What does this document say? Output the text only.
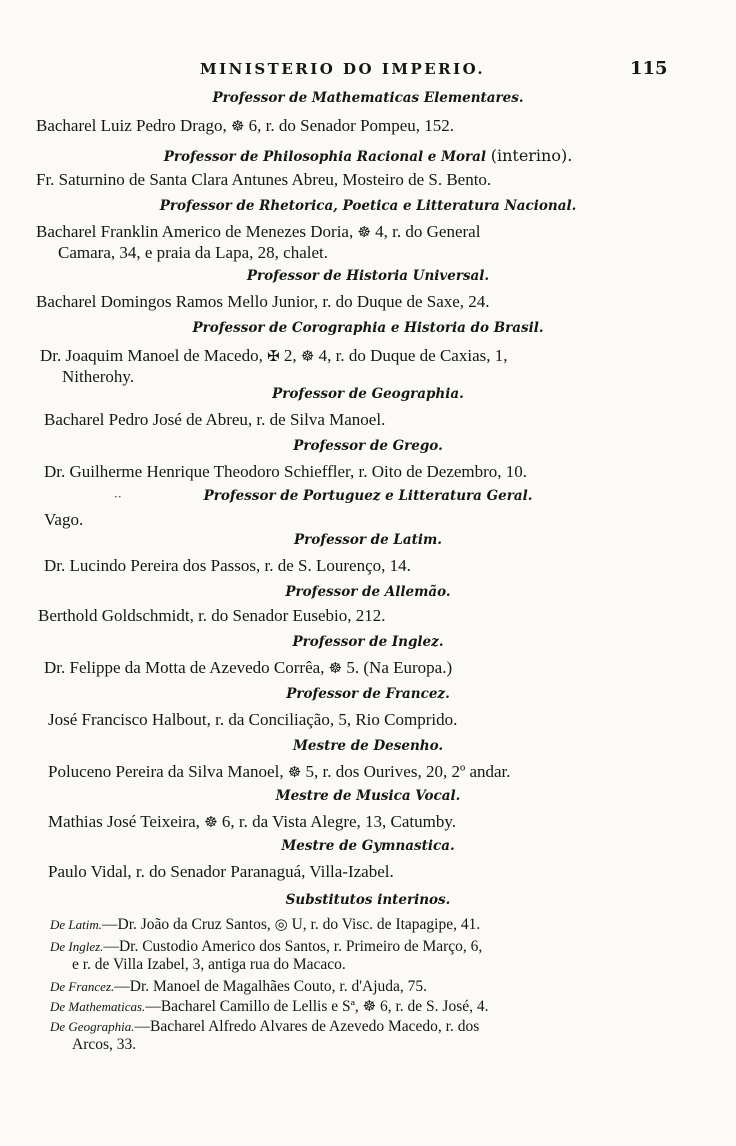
MINISTERIO DO IMPERIO.	115
Professor de Mathematicas Elementares.
Bacharel Luiz Pedro Drago, ☸ 6, r. do Senador Pompeu, 152.
Professor de Philosophia Racional e Moral (interino).
Fr. Saturnino de Santa Clara Antunes Abreu, Mosteiro de S. Bento.
Professor de Rhetorica, Poetica e Litteratura Nacional.
Bacharel Franklin Americo de Menezes Doria, ☸ 4, r. do General
Camara, 34, e praia da Lapa, 28, chalet.
Professor de Historia Universal.
Bacharel Domingos Ramos Mello Junior, r. do Duque de Saxe, 24.
Professor de Corographia e Historia do Brasil.
Dr. Joaquim Manoel de Macedo, ✠ 2, ☸ 4, r. do Duque de Caxias, 1,
Nitherohy.
Professor de Geographia.
Bacharel Pedro José de Abreu, r. de Silva Manoel.
Professor de Grego.
Dr. Guilherme Henrique Theodoro Schieffler, r. Oito de Dezembro, 10.
··	Professor de Portuguez e Litteratura Geral.
Vago.
Professor de Latim.
Dr. Lucindo Pereira dos Passos, r. de S. Lourenço, 14.
Professor de Allemão.
Berthold Goldschmidt, r. do Senador Eusebio, 212.
Professor de Inglez.
Dr. Felippe da Motta de Azevedo Corrêa, ☸ 5. (Na Europa.)
Professor de Francez.
José Francisco Halbout, r. da Conciliação, 5, Rio Comprido.
Mestre de Desenho.
Poluceno Pereira da Silva Manoel, ☸ 5, r. dos Ourives, 20, 2º andar.
Mestre de Musica Vocal.
Mathias José Teixeira, ☸ 6, r. da Vista Alegre, 13, Catumby.
Mestre de Gymnastica.
Paulo Vidal, r. do Senador Paranaguá, Villa-Izabel.
Substitutos interinos.
De Latim.—Dr. João da Cruz Santos, ◎ U, r. do Visc. de Itapagipe, 41.
De Inglez.—Dr. Custodio Americo dos Santos, r. Primeiro de Março, 6,
e r. de Villa Izabel, 3, antiga rua do Macaco.
De Francez.—Dr. Manoel de Magalhães Couto, r. d'Ajuda, 75.
De Mathematicas.—Bacharel Camillo de Lellis e Sª, ☸ 6, r. de S. José, 4.
De Geographia.—Bacharel Alfredo Alvares de Azevedo Macedo, r. dos
Arcos, 33.
